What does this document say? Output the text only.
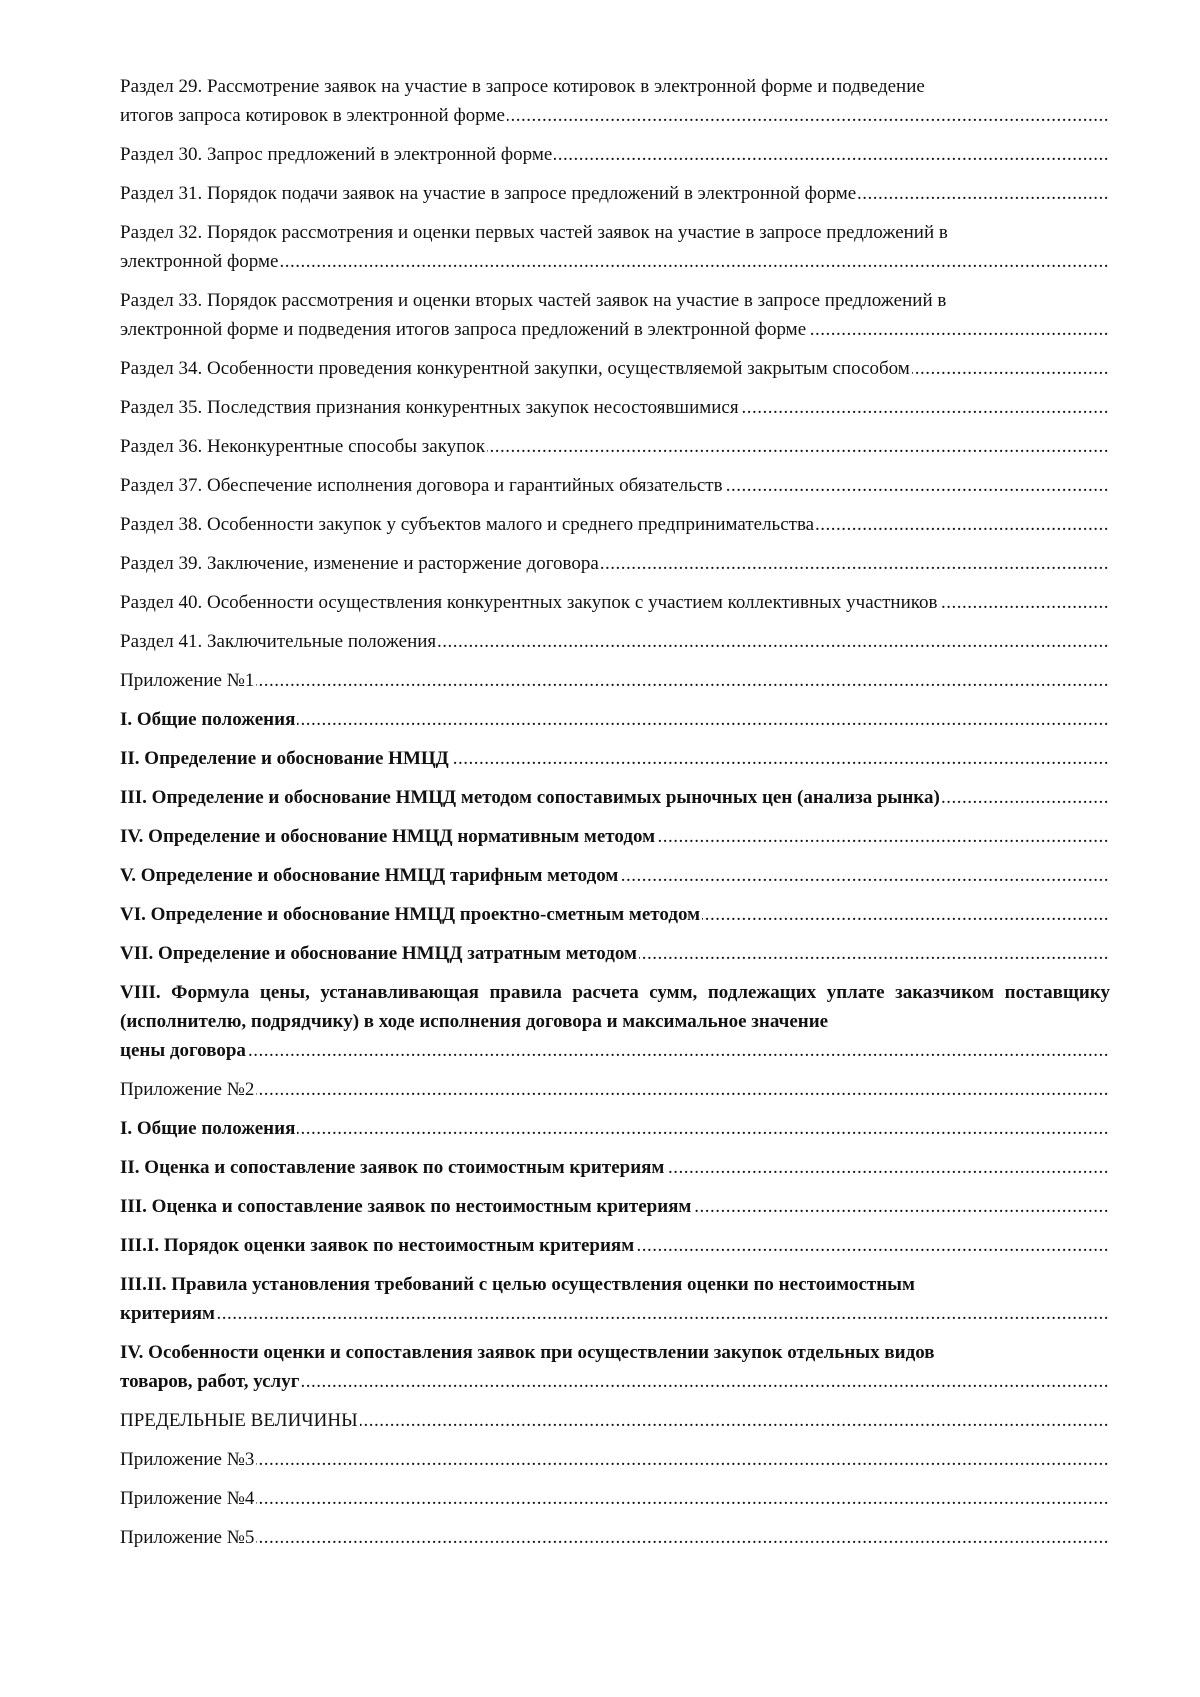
Раздел 29. Рассмотрение заявок на участие в запросе котировок в электронной форме и подведение
итогов запроса котировок в электронной форме .....
Раздел 30. Запрос предложений в электронной форме .....
Раздел 31. Порядок подачи заявок на участие в запросе предложений в электронной форме .....
Раздел 32. Порядок рассмотрения и оценки первых частей заявок на участие в запросе предложений в
электронной форме .....
Раздел 33. Порядок рассмотрения и оценки вторых частей заявок на участие в запросе предложений в
электронной форме и подведения итогов запроса предложений в электронной форме .....
Раздел 34. Особенности проведения конкурентной закупки, осуществляемой закрытым способом .....
Раздел 35. Последствия признания конкурентных закупок несостоявшимися .....
Раздел 36. Неконкурентные способы закупок .....
Раздел 37. Обеспечение исполнения договора и гарантийных обязательств .....
Раздел 38. Особенности закупок у субъектов малого и среднего предпринимательства .....
Раздел 39. Заключение, изменение и расторжение договора .....
Раздел 40. Особенности осуществления конкурентных закупок с участием коллективных участников .....
Раздел 41. Заключительные положения .....
Приложение №1 .....
I. Общие положения .....
II. Определение и обоснование НМЦД .....
III. Определение и обоснование НМЦД методом сопоставимых рыночных цен (анализа рынка) .....
IV. Определение и обоснование НМЦД нормативным методом .....
V. Определение и обоснование НМЦД тарифным методом .....
VI. Определение и обоснование НМЦД проектно-сметным методом .....
VII. Определение и обоснование НМЦД затратным методом .....
VIII. Формула цены, устанавливающая правила расчета сумм, подлежащих уплате заказчиком поставщику (исполнителю, подрядчику) в ходе исполнения договора и максимальное значение
цены договора .....
Приложение №2 .....
I. Общие положения .....
II. Оценка и сопоставление заявок по стоимостным критериям .....
III. Оценка и сопоставление заявок по нестоимостным критериям .....
III.I. Порядок оценки заявок по нестоимостным критериям .....
III.II. Правила установления требований с целью осуществления оценки по нестоимостным
критериям .....
IV. Особенности оценки и сопоставления заявок при осуществлении закупок отдельных видов
товаров, работ, услуг .....
ПРЕДЕЛЬНЫЕ ВЕЛИЧИНЫ .....
Приложение №3 .....
Приложение №4 .....
Приложение №5 .....
